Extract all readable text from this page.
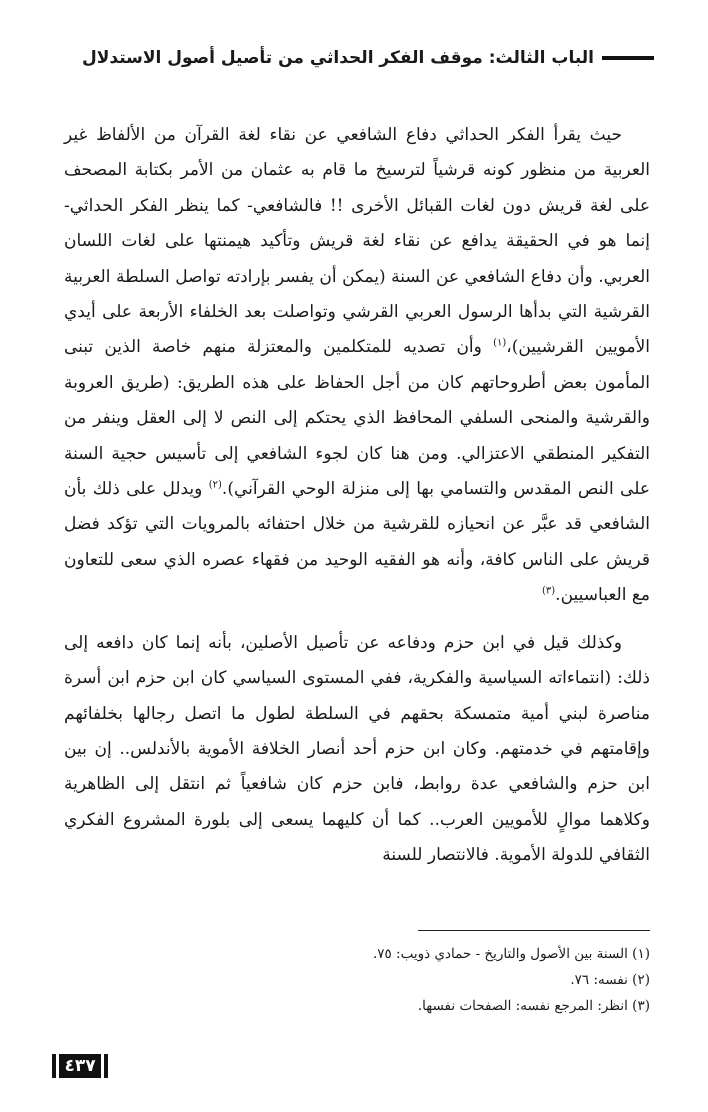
الباب الثالث: موقف الفكر الحداثي من تأصيل أصول الاستدلال

حيث يقرأ الفكر الحداثي دفاع الشافعي عن نقاء لغة القرآن من الألفاظ غير العربية من منظور كونه قرشياً لترسيخ ما قام به عثمان من الأمر بكتابة المصحف على لغة قريش دون لغات القبائل الأخرى !! فالشافعي- كما ينظر الفكر الحداثي- إنما هو في الحقيقة يدافع عن نقاء لغة قريش وتأكيد هيمنتها على لغات اللسان العربي. وأن دفاع الشافعي عن السنة (يمكن أن يفسر بإرادته تواصل السلطة العربية القرشية التي بدأها الرسول العربي القرشي وتواصلت بعد الخلفاء الأربعة على أيدي الأمويين القرشيين)،$^{(١)}$ وأن تصديه للمتكلمين والمعتزلة منهم خاصة الذين تبنى المأمون بعض أطروحاتهم كان من أجل الحفاظ على هذه الطريق: (طريق العروبة والقرشية والمنحى السلفي المحافظ الذي يحتكم إلى النص لا إلى العقل وينفر من التفكير المنطقي الاعتزالي. ومن هنا كان لجوء الشافعي إلى تأسيس حجية السنة على النص المقدس والتسامي بها إلى منزلة الوحي القرآني).$^{(٢)}$ ويدلل على ذلك بأن الشافعي قد عبَّر عن انحيازه للقرشية من خلال احتفائه بالمرويات التي تؤكد فضل قريش على الناس كافة، وأنه هو الفقيه الوحيد من فقهاء عصره الذي سعى للتعاون مع العباسيين.$^{(٣)}$

وكذلك قيل في ابن حزم ودفاعه عن تأصيل الأصلين، بأنه إنما كان دافعه إلى ذلك: (انتماءاته السياسية والفكرية، ففي المستوى السياسي كان ابن حزم ابن أسرة مناصرة لبني أمية متمسكة بحقهم في السلطة لطول ما اتصل رجالها بخلفائهم وإقامتهم في خدمتهم. وكان ابن حزم أحد أنصار الخلافة الأموية بالأندلس.. إن بين ابن حزم والشافعي عدة روابط، فابن حزم كان شافعياً ثم انتقل إلى الظاهرية وكلاهما موالٍ للأمويين العرب.. كما أن كليهما يسعى إلى بلورة المشروع الفكري الثقافي للدولة الأموية. فالانتصار للسنة

(١) السنة بين الأصول والتاريخ - حمادي ذويب: ٧٥.

(٢) نفسه: ٧٦.

(٣) انظر: المرجع نفسه: الصفحات نفسها.

٤٣٧
